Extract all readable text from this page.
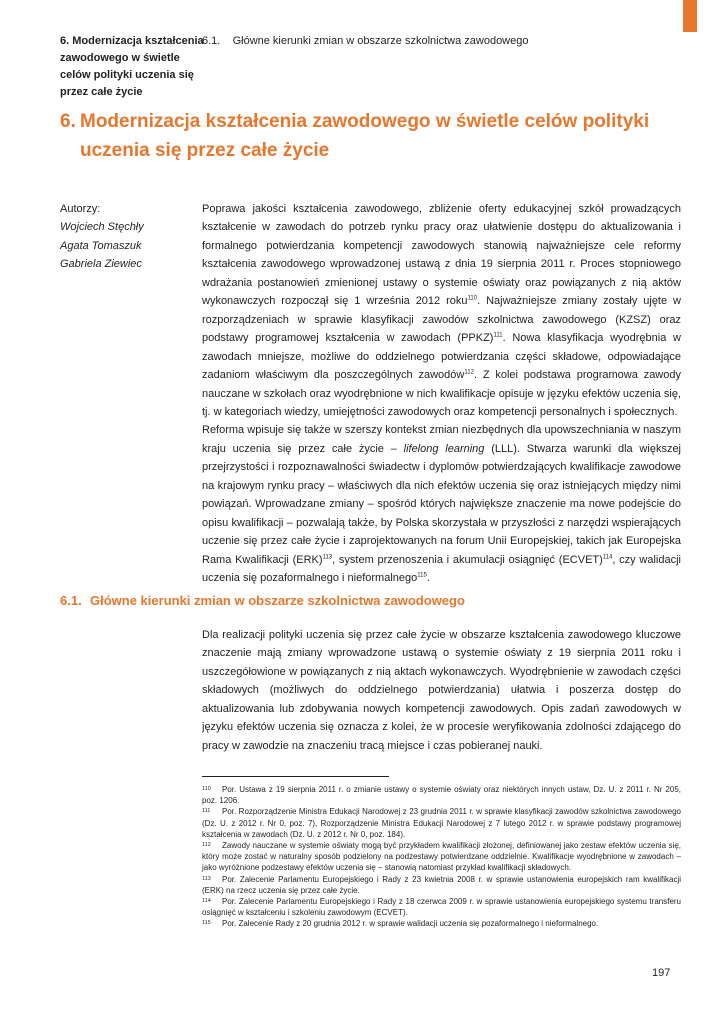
6. Modernizacja kształcenia zawodowego w świetle celów polityki uczenia się przez całe życie
6.1.    Główne kierunki zmian w obszarze szkolnictwa zawodowego
6. Modernizacja kształcenia zawodowego w świetle celów polityki
uczenia się przez całe życie
Autorzy:
Wojciech Stęchły
Agata Tomaszuk
Gabriela Ziewiec

Poprawa jakości kształcenia zawodowego, zbliżenie oferty edukacyjnej szkół prowadzących kształcenie w zawodach do potrzeb rynku pracy oraz ułatwienie dostępu do aktualizowania i formalnego potwierdzania kompetencji zawodowych stanowią najważniejsze cele reformy kształcenia zawodowego wprowadzonej ustawą z dnia 19 sierpnia 2011 r. Proces stopniowego wdrażania postanowień zmienionej ustawy o systemie oświaty oraz powiązanych z nią aktów wykonawczych rozpoczął się 1 września 2012 roku$^{110}$. Najważniejsze zmiany zostały ujęte w rozporządzeniach w sprawie klasyfikacji zawodów szkolnictwa zawodowego (KZSZ) oraz podstawy programowej kształcenia w zawodach (PPKZ)$^{111}$. Nowa klasyfikacja wyodrębnia w zawodach mniejsze, możliwe do oddzielnego potwierdzania części składowe, odpowiadające zadaniom właściwym dla poszczególnych zawodów$^{112}$. Z kolei podstawa programowa zawody nauczane w szkołach oraz wyodrębnione w nich kwalifikacje opisuje w języku efektów uczenia się, tj. w kategoriach wiedzy, umiejętności zawodowych oraz kompetencji personalnych i społecznych.

Reforma wpisuje się także w szerszy kontekst zmian niezbędnych dla upowszechniania w naszym kraju uczenia się przez całe życie – lifelong learning (LLL). Stwarza warunki dla większej przejrzystości i rozpoznawalności świadectw i dyplomów potwierdzających kwalifikacje zawodowe na krajowym rynku pracy – właściwych dla nich efektów uczenia się oraz istniejących między nimi powiązań. Wprowadzane zmiany – spośród których największe znaczenie ma nowe podejście do opisu kwalifikacji – pozwalają także, by Polska skorzystała w przyszłości z narzędzi wspierających uczenie się przez całe życie i zaprojektowanych na forum Unii Europejskiej, takich jak Europejska Rama Kwalifikacji (ERK)$^{113}$, system przenoszenia i akumulacji osiągnięć (ECVET)$^{114}$, czy walidacji uczenia się pozaformalnego i nieformalnego$^{115}$.

6.1. Główne kierunki zmian w obszarze szkolnictwa zawodowego

Dla realizacji polityki uczenia się przez całe życie w obszarze kształcenia zawodowego kluczowe znaczenie mają zmiany wprowadzone ustawą o systemie oświaty z 19 sierpnia 2011 roku i uszczegółowione w powiązanych z nią aktach wykonawczych. Wyodrębnienie w zawodach części składowych (możliwych do oddzielnego potwierdzania) ułatwia i poszerza dostęp do aktualizowania lub zdobywania nowych kompetencji zawodowych. Opis zadań zawodowych w języku efektów uczenia się oznacza z kolei, że w procesie weryfikowania zdolności zdającego do pracy w zawodzie na znaczeniu tracą miejsce i czas pobieranej nauki.

110 Por. Ustawa z 19 sierpnia 2011 r. o zmianie ustawy o systemie oświaty oraz niektórych innych ustaw, Dz. U. z 2011 r. Nr 205, poz. 1206.

111 Por. Rozporządzenie Ministra Edukacji Narodowej z 23 grudnia 2011 r. w sprawie klasyfikacji zawodów szkolnictwa zawodowego (Dz. U. z 2012 r. Nr 0, poz. 7), Rozporządzenie Ministra Edukacji Narodowej z 7 lutego 2012 r. w sprawie podstawy programowej kształcenia w zawodach (Dz. U. z 2012 r. Nr 0, poz. 184).

112 Zawody nauczane w systemie oświaty mogą być przykładem kwalifikacji złożonej, definiowanej jako zestaw efektów uczenia się, który może zostać w naturalny sposób podzielony na podzestawy potwierdzane oddzielnie. Kwalifikacje wyodrębnione w zawodach – jako wyróżnione podzestawy efektów uczenia się – stanowią natomiast przykład kwalifikacji składowych.

113 Por. Zalecenie Parlamentu Europejskiego i Rady z 23 kwietnia 2008 r. w sprawie ustanowienia europejskich ram kwalifikacji (ERK) na rzecz uczenia się przez całe życie.

114 Por. Zalecenie Parlamentu Europejskiego i Rady z 18 czerwca 2009 r. w sprawie ustanowienia europejskiego systemu transferu osiągnięć w kształceniu i szkoleniu zawodowym (ECVET).

115 Por. Zalecenie Rady z 20 grudnia 2012 r. w sprawie walidacji uczenia się pozaformalnego i nieformalnego.

197
